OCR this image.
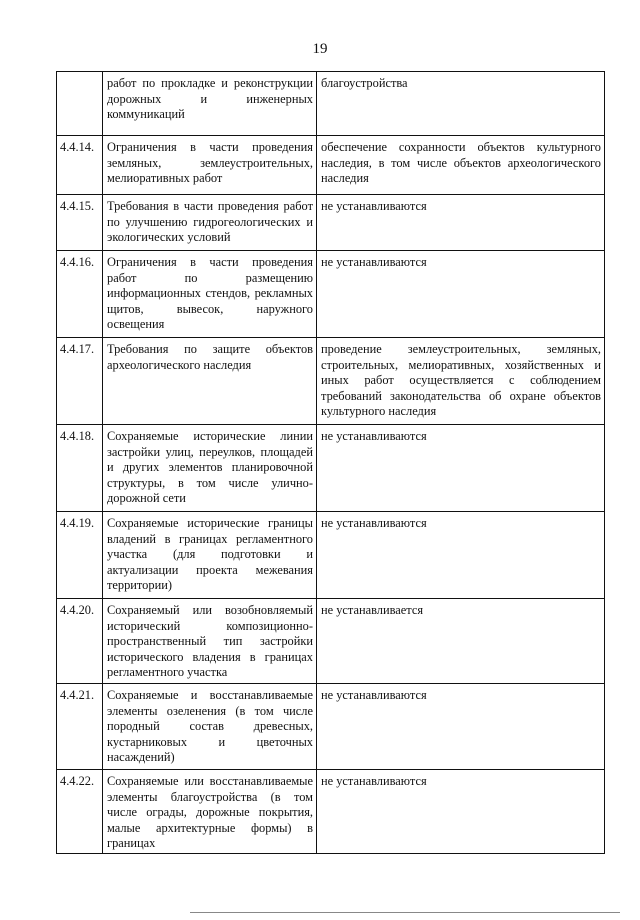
19
	работ по прокладке и реконструкции дорожных и инженерных коммуникаций	благоустройства
4.4.14.	Ограничения в части проведения земляных, землеустроительных, мелиоративных работ	обеспечение сохранности объектов культурного наследия, в том числе объектов археологического наследия
4.4.15.	Требования в части проведения работ по улучшению гидрогеологических и экологических условий	не устанавливаются
4.4.16.	Ограничения в части проведения работ по размещению информационных стендов, рекламных щитов, вывесок, наружного освещения	не устанавливаются
4.4.17.	Требования по защите объектов археологического наследия	проведение землеустроительных, земляных, строительных, мелиоративных, хозяйственных и иных работ осуществляется с соблюдением требований законодательства об охране объектов культурного наследия
4.4.18.	Сохраняемые исторические линии застройки улиц, переулков, площадей и других элементов планировочной структуры, в том числе улично-дорожной сети	не устанавливаются
4.4.19.	Сохраняемые исторические границы владений в границах регламентного участка (для подготовки и актуализации проекта межевания территории)	не устанавливаются
4.4.20.	Сохраняемый или возобновляемый исторический композиционно-пространственный тип застройки исторического владения в границах регламентного участка	не устанавливается
4.4.21.	Сохраняемые и восстанавливаемые элементы озеленения (в том числе породный состав древесных, кустарниковых и цветочных насаждений)	не устанавливаются
4.4.22.	Сохраняемые или восстанавливаемые элементы благоустройства (в том числе ограды, дорожные покрытия, малые архитектурные формы) в границах	не устанавливаются
